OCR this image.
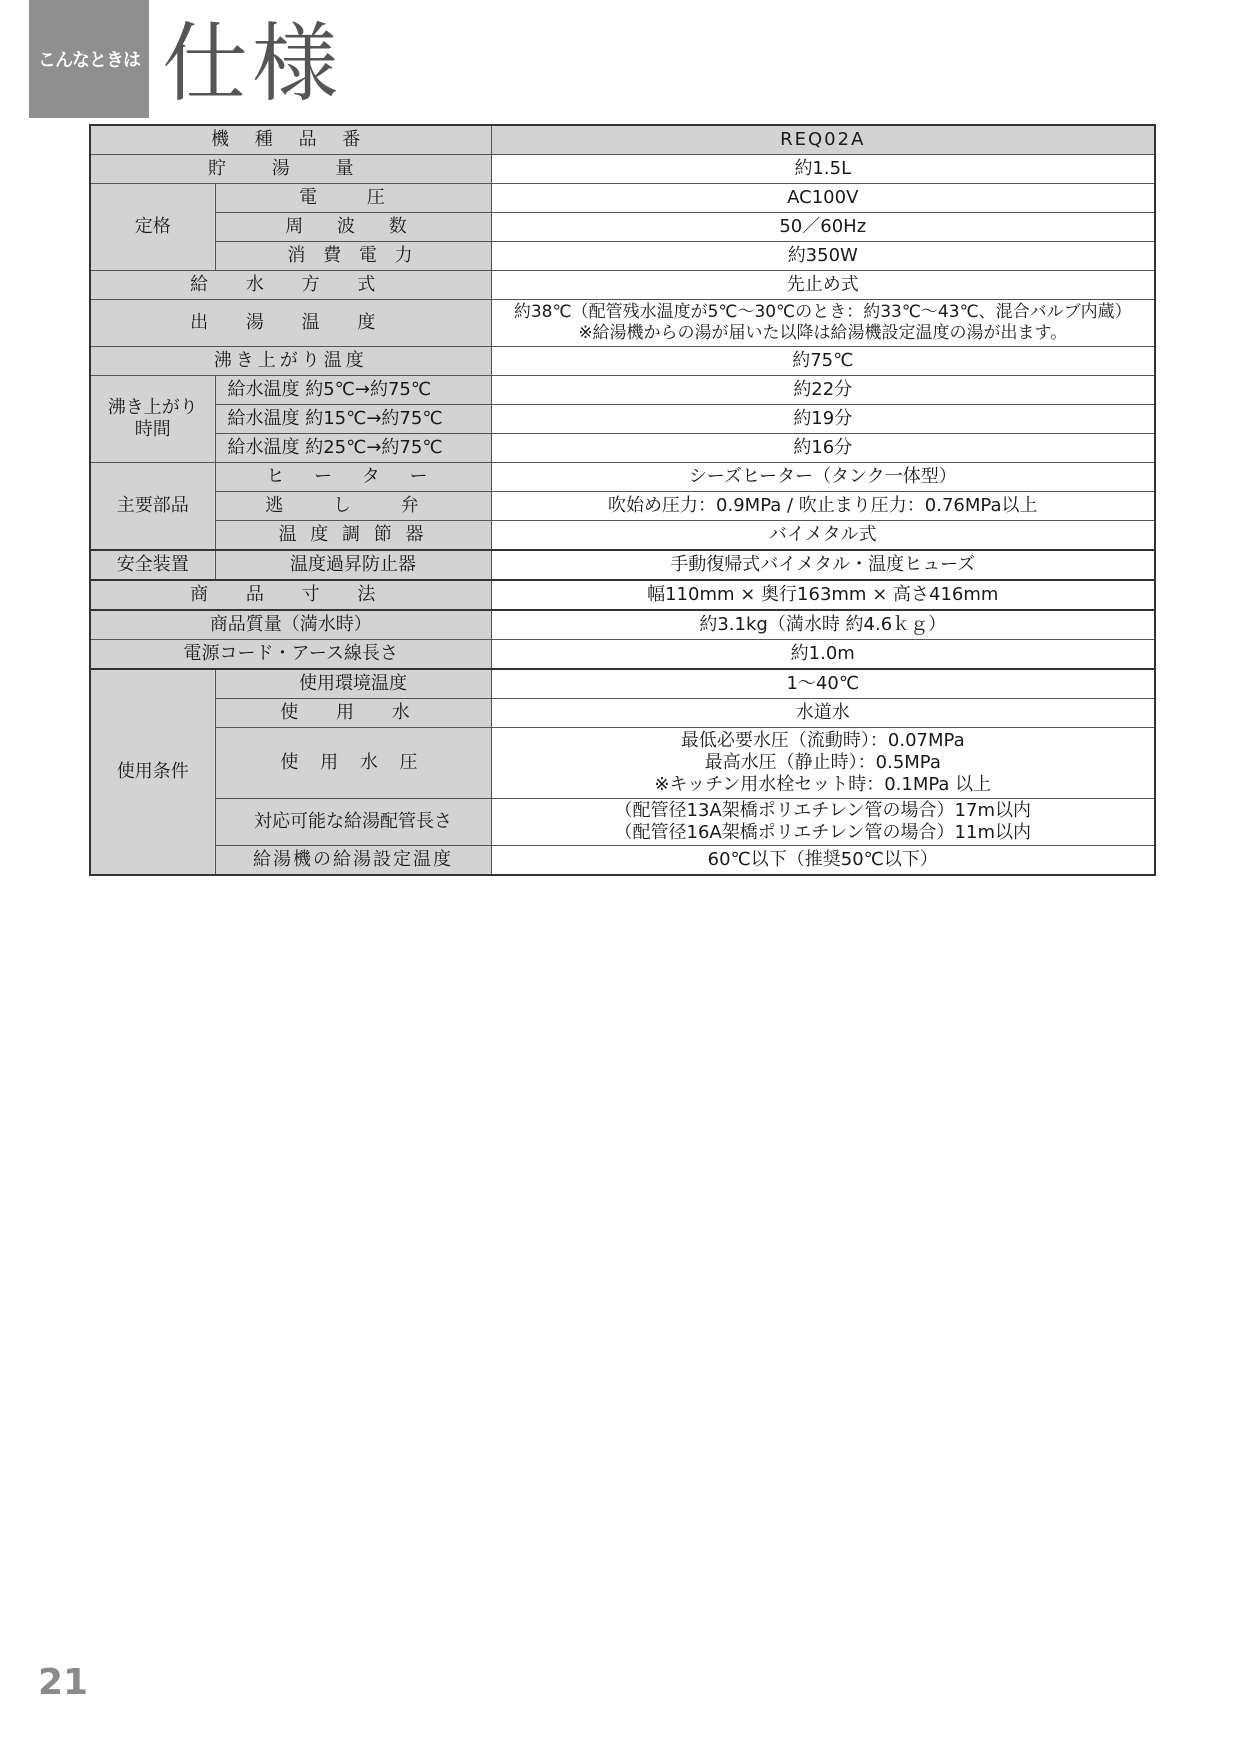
こんなときは 仕様
機 種 品 番		REQ02A
貯 湯 量		約1.5L
定格	電 圧	AC100V
	周 波 数	50／60Hz
	消 費 電 力	約350W
給 水 方 式		先止め式
出 湯 温 度		約38℃（配管残水温度が5℃～30℃のとき：約33℃～43℃、混合バルブ内蔵）
※給湯機からの湯が届いた以降は給湯機設定温度の湯が出ます。

沸き上がり温度		約75℃

沸き上がり
時間	給水温度 約5℃→約75℃	約22分
	給水温度 約15℃→約75℃	約19分
	給水温度 約25℃→約75℃	約16分
主要部品	ヒ ー タ ー	シーズヒーター（タンク一体型）
	逃 し 弁	吹始め圧力：0.9MPa / 吹止まり圧力：0.76MPa以上
	温 度 調 節 器	バイメタル式
安全装置	温度過昇防止器	手動復帰式バイメタル・温度ヒューズ
商 品 寸 法		幅110mm × 奥行163mm × 高さ416mm
商品質量（満水時）		約3.1kg（満水時 約4.6ｋｇ）
電源コード・アース線長さ		約1.0m
使用条件	使用環境温度	1～40℃
	使 用 水	水道水
	使 用 水 圧	最低必要水圧（流動時）：0.07MPa
最高水圧（静止時）：0.5MPa
※キッチン用水栓セット時：0.1MPa 以上

	対応可能な給湯配管長さ	（配管径13A架橋ポリエチレン管の場合）17m以内
（配管径16A架橋ポリエチレン管の場合）11m以内

	給湯機の給湯設定温度	60℃以下（推奨50℃以下）
21
